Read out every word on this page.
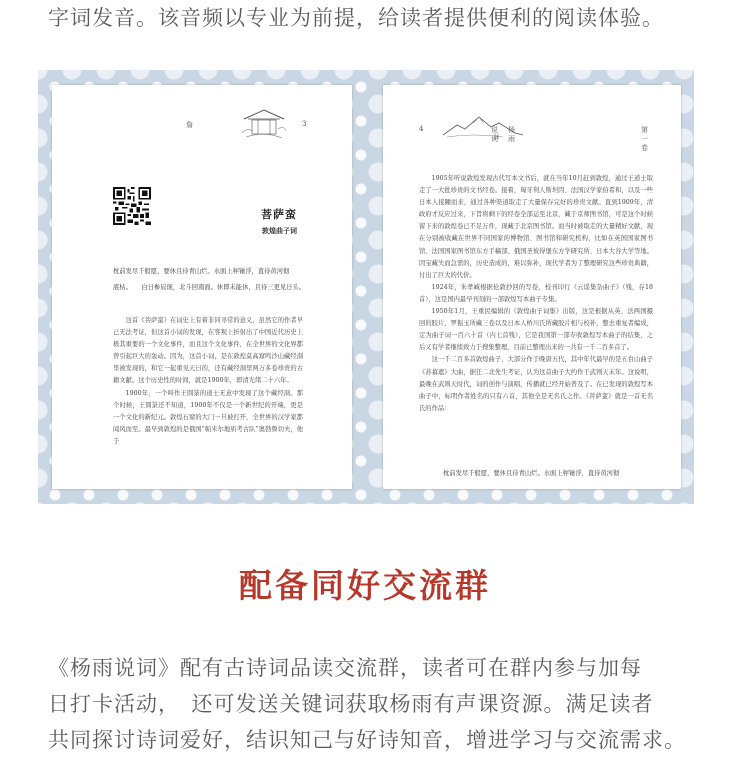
字词发音。该音频以专业为前提，给读者提供便利的阅读体验。
詹	3
菩萨蛮
敦煌曲子词
枕前发尽千般愿，要休且待青山烂。水面上秤锤浮，直待黄河彻
底枯。　　白日参辰现，北斗回南面。休即未能休，且待三更见日头。

这首《菩萨蛮》在词史上有着非同寻常的意义，虽然它的作者早已无法考证，但这首小词的发现，在客观上折射出了中国近代历史上极其重要的一个文化事件，而且这个文化事件，在全世界的文化界都曾引起巨大的轰动。因为，这首小词，是在敦煌莫高窟鸣沙山藏经洞里被发现的，和它一起重见天日的，还有藏经洞里两万多卷珍贵的古籍文献。这个历史性的时间，就是1900年，即清光绪二十六年。

1900年，一个叫作王圆箓的道士无意中发现了这个藏经洞。那个时候，王圆箓还不知道，1900年不仅是一个新世纪的开端，更是一个文化的新纪元。敦煌石窟的大门一旦被打开，全世界的汉学家都闻风而至。最早到敦煌的是俄国“帕米尔地质考古队”奥勃鲁切夫，他于

4	说
词
杨
雨
第
一
卷

1905年听说敦煌发现古代写本文书后，就在当年10月赶到敦煌，通过王道士取走了一大批珍贵的文书经卷。接着，匈牙利人斯坦因、法国汉学家伯希和，以及一些日本人接踵而来，通过各种渠道取走了大量保存完好的珍贵文献。直到1909年，清政府才反应过来，下旨将剩下的经卷全部运至北京，藏于京师图书馆，可是这个时候留下来的敦煌卷已不足万件，现藏于北京图书馆。而当时被取走的大量精好文献，现在分别被收藏在世界不同国家的博物馆、图书馆和研究机构，比如在英国国家图书馆、法国国家图书馆东方手稿部、俄国圣彼得堡东方学研究所、日本大谷大学等地。因宝藏失而急需的，历史造成的，难以弥补，现代学者为了整理研究这些珍贵典籍，付出了巨大的代价。

1924年，朱孝臧根据伦敦抄回的写卷，校刊印行《云谣集杂曲子》（残，存18首），这是国内最早刊刻的一部敦煌写本曲子专集。

1950年1月，王重民编辑的《敦煌曲子词集》出版，这是根据从英、法两国摄回的胶片，罗振玉所藏三卷以及日本人桥川氏所藏胶片相与校补，整去重复者编成，定为曲子词一百六十首（内七首残），它是我国第一部专收敦煌写本曲子的结集，之后又有学者继续致力于搜集整理，目前已整理出来的一共有一千二百多首了。

这一千二百多首敦煌曲子，大部分作于晚唐五代，其中年代最早的是五台山曲子《苏幕遮》大曲，据任二北先生考证，认为这首曲子大约作于武则天末年。这说明，最晚在武则天时代，词的创作与演唱，传播就已经开始普及了。在已发现的敦煌写本曲子中，标明作者姓名的只有六首，其他全是无名氏之作。《菩萨蛮》就是一首无名氏的作品：

枕前发尽千般愿，要休且待青山烂。水面上秤锤浮，直待黄河彻
配备同好交流群
《杨雨说词》配有古诗词品读交流群，读者可在群内参与加每
日打卡活动，　还可发送关键词获取杨雨有声课资源。满足读者
共同探讨诗词爱好，结识知己与好诗知音，增进学习与交流需求。
